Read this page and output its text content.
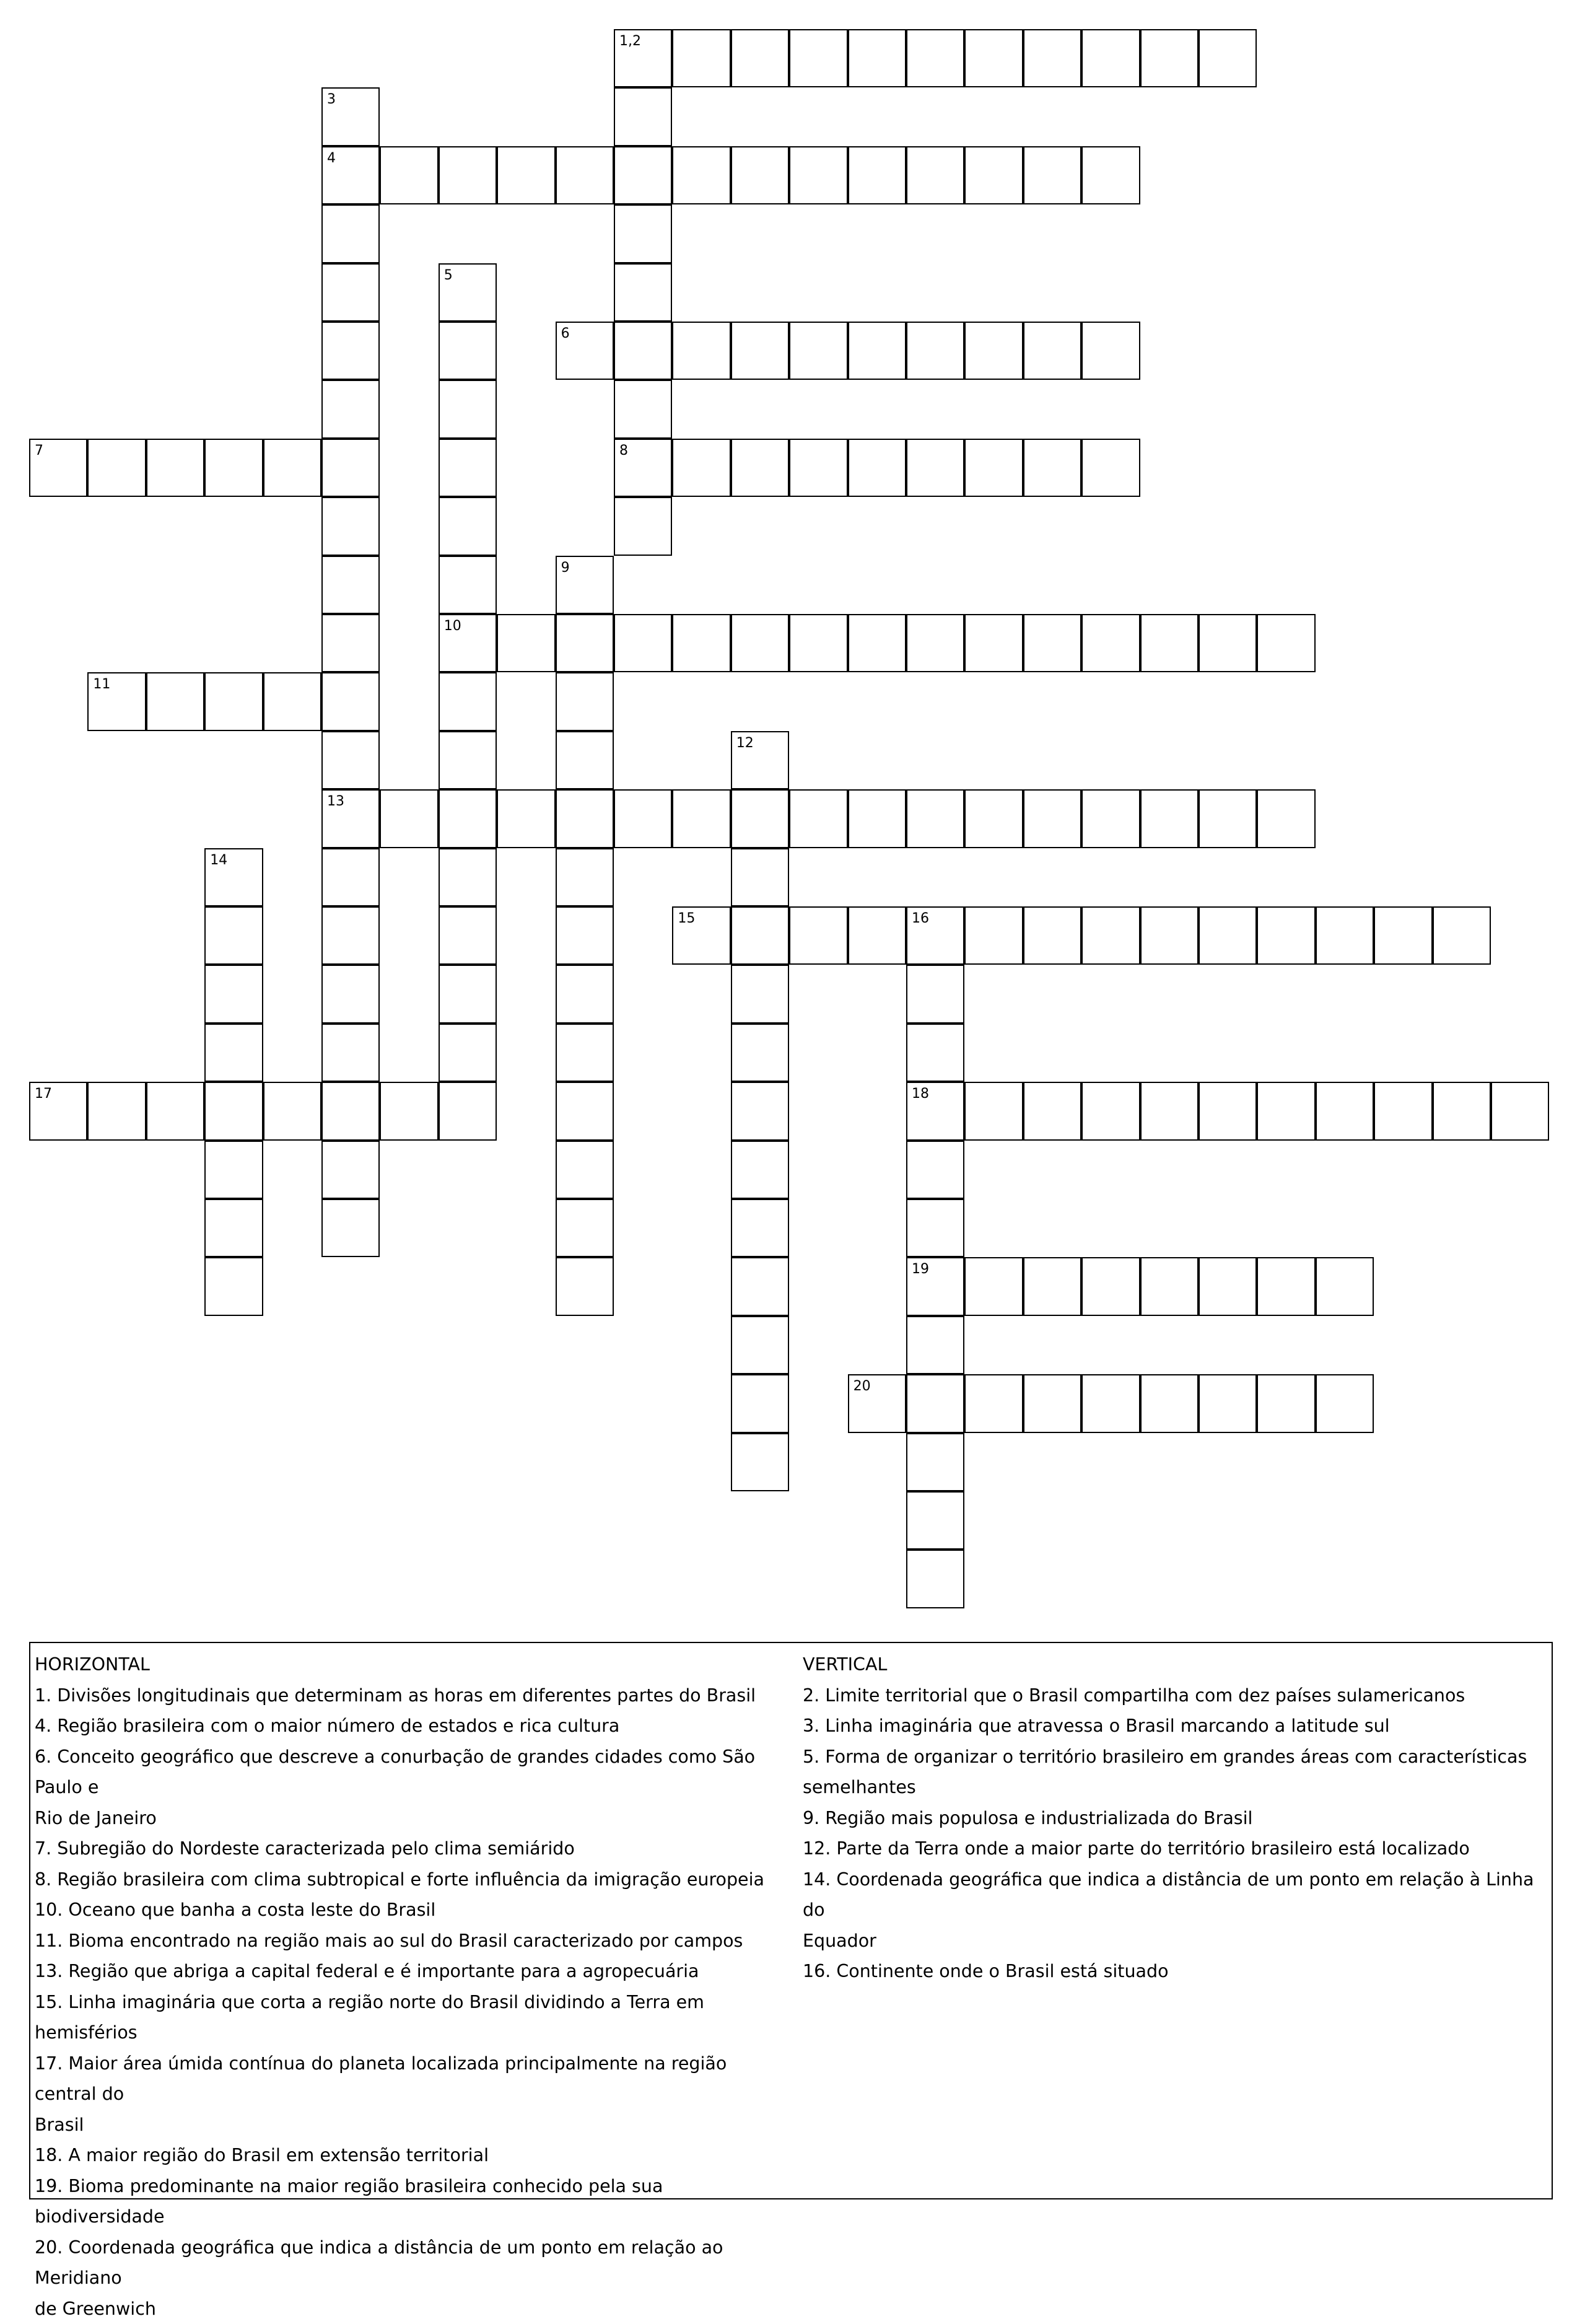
1,2
8
3
4
13
5
10
6
7
9
11
12
14
15	16
18
19
17
20
HORIZONTAL
1. Divisões longitudinais que determinam as horas em diferentes partes do Brasil
4. Região brasileira com o maior número de estados e rica cultura
6. Conceito geográfico que descreve a conurbação de grandes cidades como São Paulo e
Rio de Janeiro
7. Subregião do Nordeste caracterizada pelo clima semiárido
8. Região brasileira com clima subtropical e forte influência da imigração europeia
10. Oceano que banha a costa leste do Brasil
11. Bioma encontrado na região mais ao sul do Brasil caracterizado por campos
13. Região que abriga a capital federal e é importante para a agropecuária
15. Linha imaginária que corta a região norte do Brasil dividindo a Terra em hemisférios
17. Maior área úmida contínua do planeta localizada principalmente na região central do
Brasil
18. A maior região do Brasil em extensão territorial
19. Bioma predominante na maior região brasileira conhecido pela sua biodiversidade
20. Coordenada geográfica que indica a distância de um ponto em relação ao Meridiano
de Greenwich
VERTICAL
2. Limite territorial que o Brasil compartilha com dez países sulamericanos
3. Linha imaginária que atravessa o Brasil marcando a latitude sul
5. Forma de organizar o território brasileiro em grandes áreas com características
semelhantes
9. Região mais populosa e industrializada do Brasil
12. Parte da Terra onde a maior parte do território brasileiro está localizado
14. Coordenada geográfica que indica a distância de um ponto em relação à Linha do
Equador
16. Continente onde o Brasil está situado
